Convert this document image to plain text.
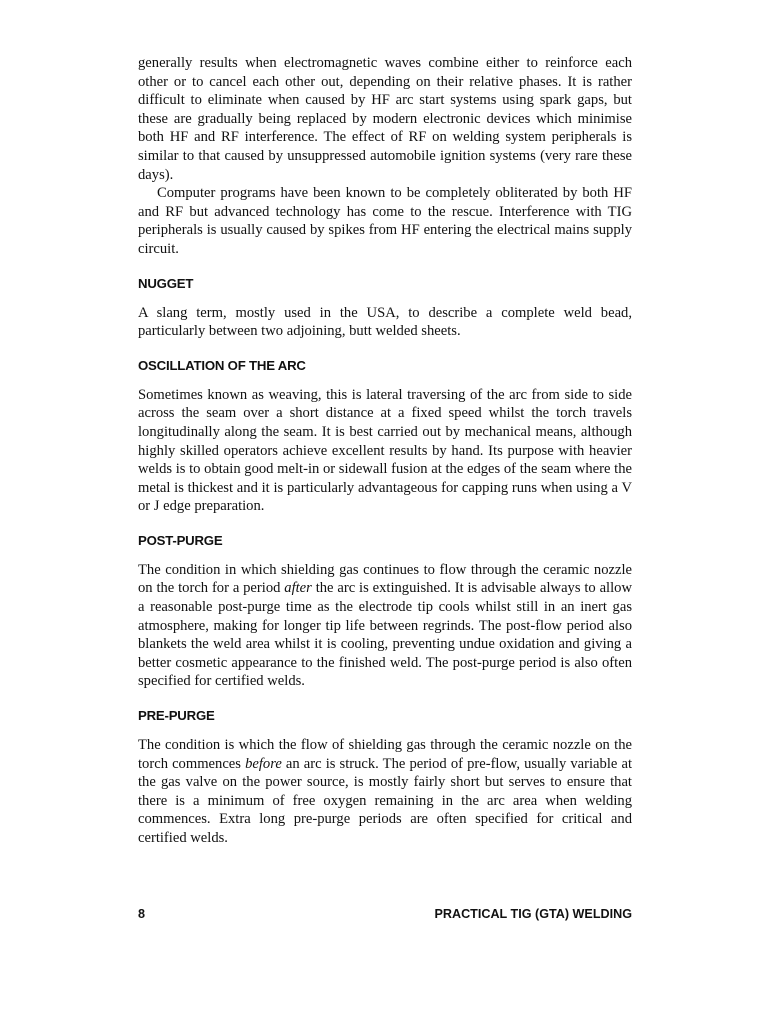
generally results when electromagnetic waves combine either to reinforce each other or to cancel each other out, depending on their relative phases. It is rather difficult to eliminate when caused by HF arc start systems using spark gaps, but these are gradually being replaced by modern electronic devices which minimise both HF and RF interference. The effect of RF on welding system peripherals is similar to that caused by unsuppressed automobile ignition systems (very rare these days).

Computer programs have been known to be completely obliterated by both HF and RF but advanced technology has come to the rescue. Interference with TIG peripherals is usually caused by spikes from HF entering the electrical mains supply circuit.

NUGGET

A slang term, mostly used in the USA, to describe a complete weld bead, particularly between two adjoining, butt welded sheets.

OSCILLATION OF THE ARC

Sometimes known as weaving, this is lateral traversing of the arc from side to side across the seam over a short distance at a fixed speed whilst the torch travels longitudinally along the seam. It is best carried out by mechanical means, although highly skilled operators achieve excellent results by hand. Its purpose with heavier welds is to obtain good melt-in or sidewall fusion at the edges of the seam where the metal is thickest and it is particularly advantageous for capping runs when using a V or J edge preparation.

POST-PURGE

The condition in which shielding gas continues to flow through the ceramic nozzle on the torch for a period after the arc is extinguished. It is advisable always to allow a reasonable post-purge time as the electrode tip cools whilst still in an inert gas atmosphere, making for longer tip life between regrinds. The post-flow period also blankets the weld area whilst it is cooling, preventing undue oxidation and giving a better cosmetic appearance to the finished weld. The post-purge period is also often specified for certified welds.

PRE-PURGE

The condition is which the flow of shielding gas through the ceramic nozzle on the torch commences before an arc is struck. The period of pre-flow, usually variable at the gas valve on the power source, is mostly fairly short but serves to ensure that there is a minimum of free oxygen remaining in the arc area when welding commences. Extra long pre-purge periods are often specified for critical and certified welds.

8	PRACTICAL TIG (GTA) WELDING
